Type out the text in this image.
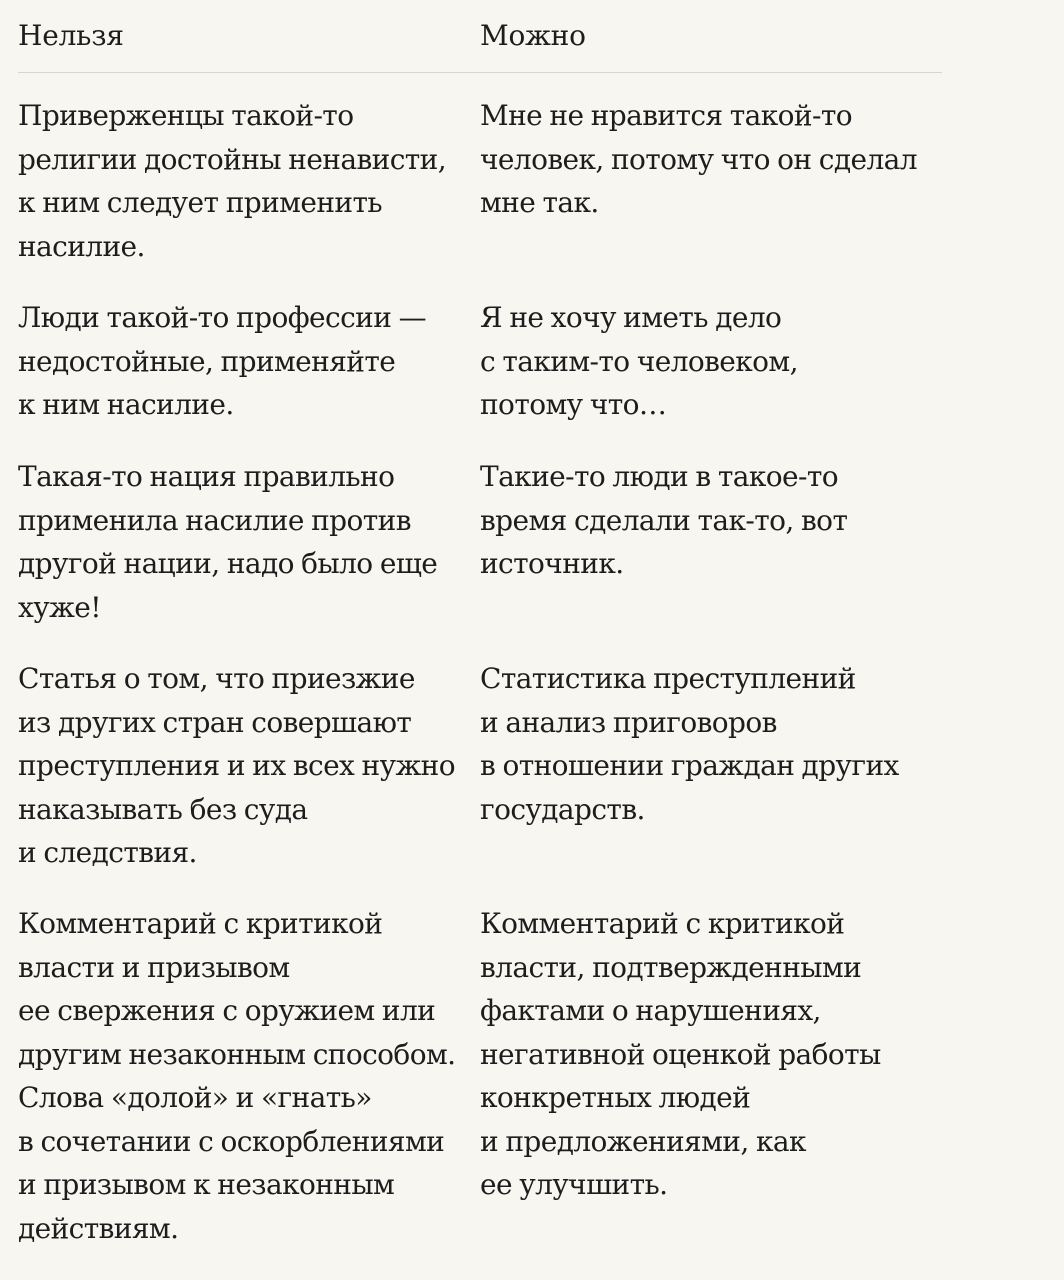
Нельзя	Можно
Приверженцы такой-то
религии достойны ненависти,
к ним следует применить
насилие.
Мне не нравится такой-то
человек, потому что он сделал
мне так.
Люди такой-то профессии —
недостойные, применяйте
к ним насилие.
Я не хочу иметь дело
с таким-то человеком,
потому что…
Такая-то нация правильно
применила насилие против
другой нации, надо было еще
хуже!
Такие-то люди в такое-то
время сделали так-то, вот
источник.
Статья о том, что приезжие
из других стран совершают
преступления и их всех нужно
наказывать без суда
и следствия.
Статистика преступлений
и анализ приговоров
в отношении граждан других
государств.
Комментарий с критикой
власти и призывом
ее свержения с оружием или
другим незаконным способом.
Слова «долой» и «гнать»
в сочетании с оскорблениями
и призывом к незаконным
действиям.
Комментарий с критикой
власти, подтвержденными
фактами о нарушениях,
негативной оценкой работы
конкретных людей
и предложениями, как
ее улучшить.
